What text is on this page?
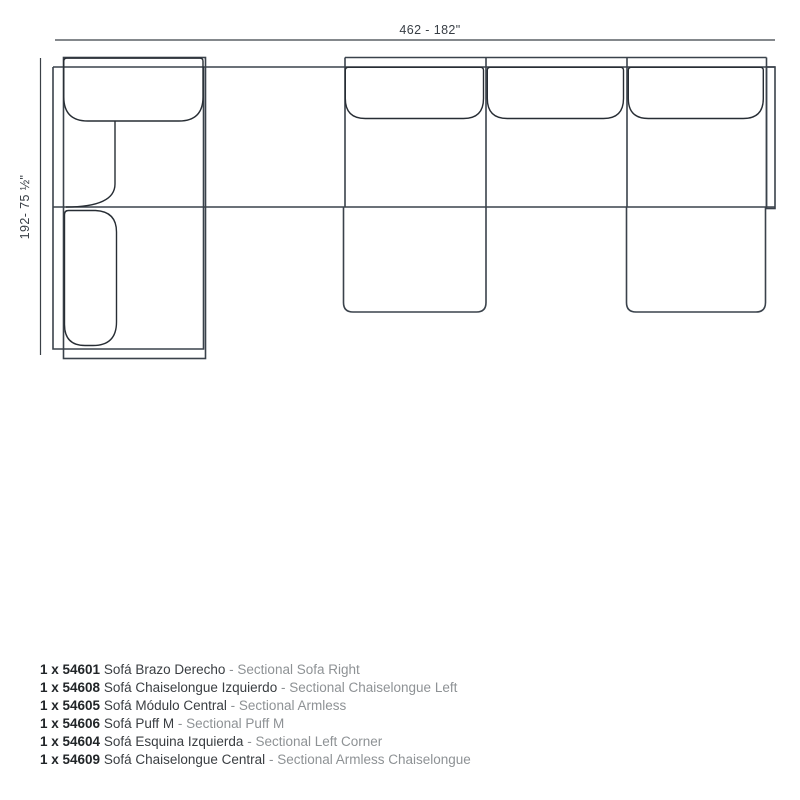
462 - 182"
192- 75 ½"
1 x 54601 Sofá Brazo Derecho - Sectional Sofa Right
1 x 54608 Sofá Chaiselongue Izquierdo - Sectional Chaiselongue Left
1 x 54605 Sofá Módulo Central - Sectional Armless
1 x 54606 Sofá Puff M - Sectional Puff M
1 x 54604 Sofá Esquina Izquierda - Sectional Left Corner
1 x 54609 Sofá Chaiselongue Central - Sectional Armless Chaiselongue
